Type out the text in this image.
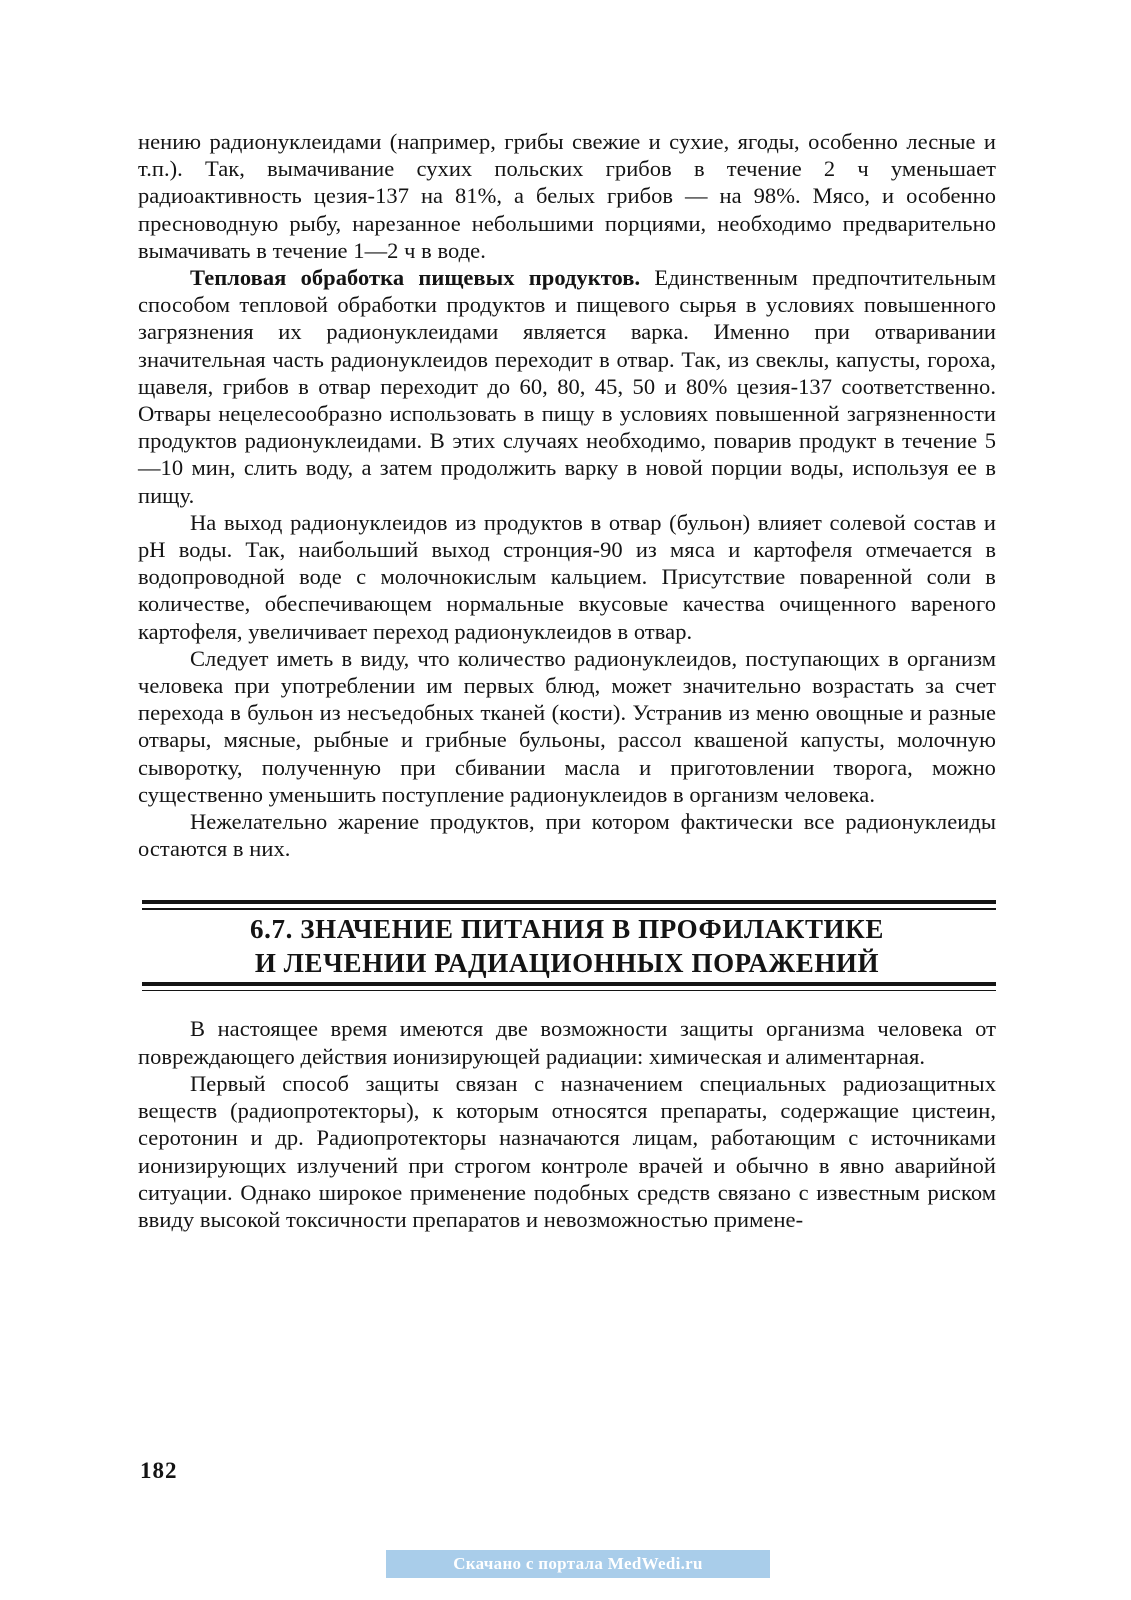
нению радионуклеидами (например, грибы свежие и сухие, ягоды, особенно лесные и т.п.). Так, вымачивание сухих польских грибов в течение 2 ч уменьшает радиоактивность цезия-137 на 81%, а белых грибов — на 98%. Мясо, и особенно пресноводную рыбу, нарезанное небольшими порциями, необходимо предварительно вымачивать в течение 1—2 ч в воде.

Тепловая обработка пищевых продуктов. Единственным предпочтительным способом тепловой обработки продуктов и пищевого сырья в условиях повышенного загрязнения их радионуклеидами является варка. Именно при отваривании значительная часть радионуклеидов переходит в отвар. Так, из свеклы, капусты, гороха, щавеля, грибов в отвар переходит до 60, 80, 45, 50 и 80% цезия-137 соответственно. Отвары нецелесообразно использовать в пищу в условиях повышенной загрязненности продуктов радионуклеидами. В этих случаях необходимо, поварив продукт в течение 5—10 мин, слить воду, а затем продолжить варку в новой порции воды, используя ее в пищу.

На выход радионуклеидов из продуктов в отвар (бульон) влияет солевой состав и pH воды. Так, наибольший выход стронция-90 из мяса и картофеля отмечается в водопроводной воде с молочнокислым кальцием. Присутствие поваренной соли в количестве, обеспечивающем нормальные вкусовые качества очищенного вареного картофеля, увеличивает переход радионуклеидов в отвар.

Следует иметь в виду, что количество радионуклеидов, поступающих в организм человека при употреблении им первых блюд, может значительно возрастать за счет перехода в бульон из несъедобных тканей (кости). Устранив из меню овощные и разные отвары, мясные, рыбные и грибные бульоны, рассол квашеной капусты, молочную сыворотку, полученную при сбивании масла и приготовлении творога, можно существенно уменьшить поступление радионуклеидов в организм человека.

Нежелательно жарение продуктов, при котором фактически все радионуклеиды остаются в них.

6.7. ЗНАЧЕНИЕ ПИТАНИЯ В ПРОФИЛАКТИКЕ
И ЛЕЧЕНИИ РАДИАЦИОННЫХ ПОРАЖЕНИЙ

В настоящее время имеются две возможности защиты организма человека от повреждающего действия ионизирующей радиации: химическая и алиментарная.

Первый способ защиты связан с назначением специальных радиозащитных веществ (радиопротекторы), к которым относятся препараты, содержащие цистеин, серотонин и др. Радиопротекторы назначаются лицам, работающим с источниками ионизирующих излучений при строгом контроле врачей и обычно в явно аварийной ситуации. Однако широкое применение подобных средств связано с известным риском ввиду высокой токсичности препаратов и невозможностью примене-

182
Скачано с портала MedWedi.ru
